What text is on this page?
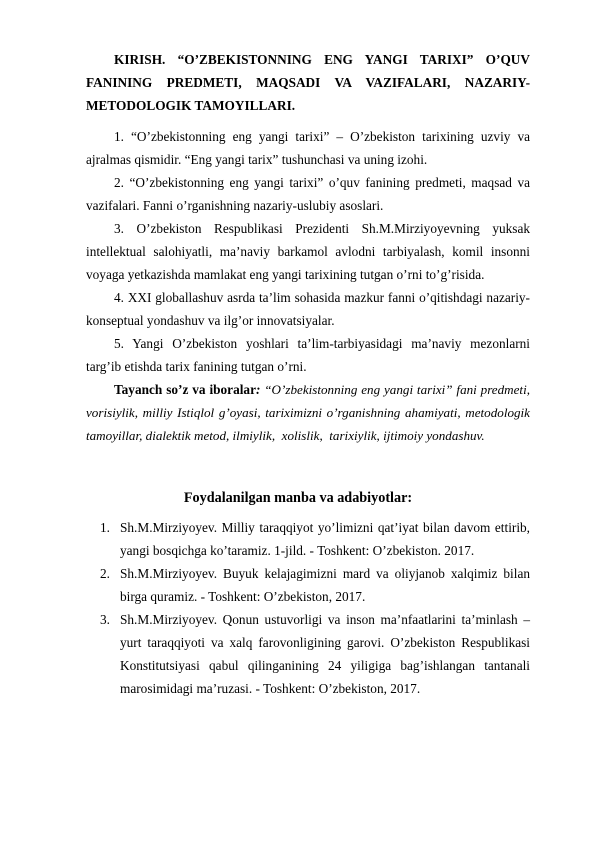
KIRISH. “O’ZBEKISTONNING ENG YANGI TARIXI” O’QUV FANINING PREDMETI, MAQSADI VA VAZIFALARI, NAZARIY-METODOLOGIK TAMOYILLARI.

1. “O’zbekistonning eng yangi tarixi” – O’zbekiston tarixining uzviy va ajralmas qismidir. “Eng yangi tarix” tushunchasi va uning izohi.

2. “O’zbekistonning eng yangi tarixi” o’quv fanining predmeti, maqsad va vazifalari. Fanni o’rganishning nazariy-uslubiy asoslari.

3. O’zbekiston Respublikasi Prezidenti Sh.M.Mirziyoyevning yuksak intellektual salohiyatli, ma’naviy barkamol avlodni tarbiyalash, komil insonni voyaga yetkazishda mamlakat eng yangi tarixining tutgan o’rni to’g’risida.

4. XXI globallashuv asrda ta’lim sohasida mazkur fanni o’qitishdagi nazariy-konseptual yondashuv va ilg’or innovatsiyalar.

5. Yangi O’zbekiston yoshlari ta’lim-tarbiyasidagi ma’naviy mezonlarni targ’ib etishda tarix fanining tutgan o’rni.

Tayanch so’z va iboralar: “O’zbekistonning eng yangi tarixi” fani predmeti, vorisiylik, milliy Istiqlol g’oyasi, tariximizni o’rganishning ahamiyati, metodologik tamoyillar, dialektik metod, ilmiylik,  xolislik,  tarixiylik, ijtimoiy yondashuv.

Foydalanilgan manba va adabiyotlar:
1. Sh.M.Mirziyoyev. Milliy taraqqiyot yo’limizni qat’iyat bilan davom ettirib, yangi bosqichga ko’taramiz. 1-jild. - Toshkent: O’zbekiston. 2017.
2. Sh.M.Mirziyoyev. Buyuk kelajagimizni mard va oliyjanob xalqimiz bilan birga quramiz. - Toshkent: O’zbekiston, 2017.
3. Sh.M.Mirziyoyev. Qonun ustuvorligi va inson ma’nfaatlarini ta’minlash – yurt taraqqiyoti va xalq farovonligining garovi. O’zbekiston Respublikasi Konstitutsiyasi qabul qilinganining 24 yiligiga bag’ishlangan tantanali marosimidagi ma’ruzasi. - Toshkent: O’zbekiston, 2017.
